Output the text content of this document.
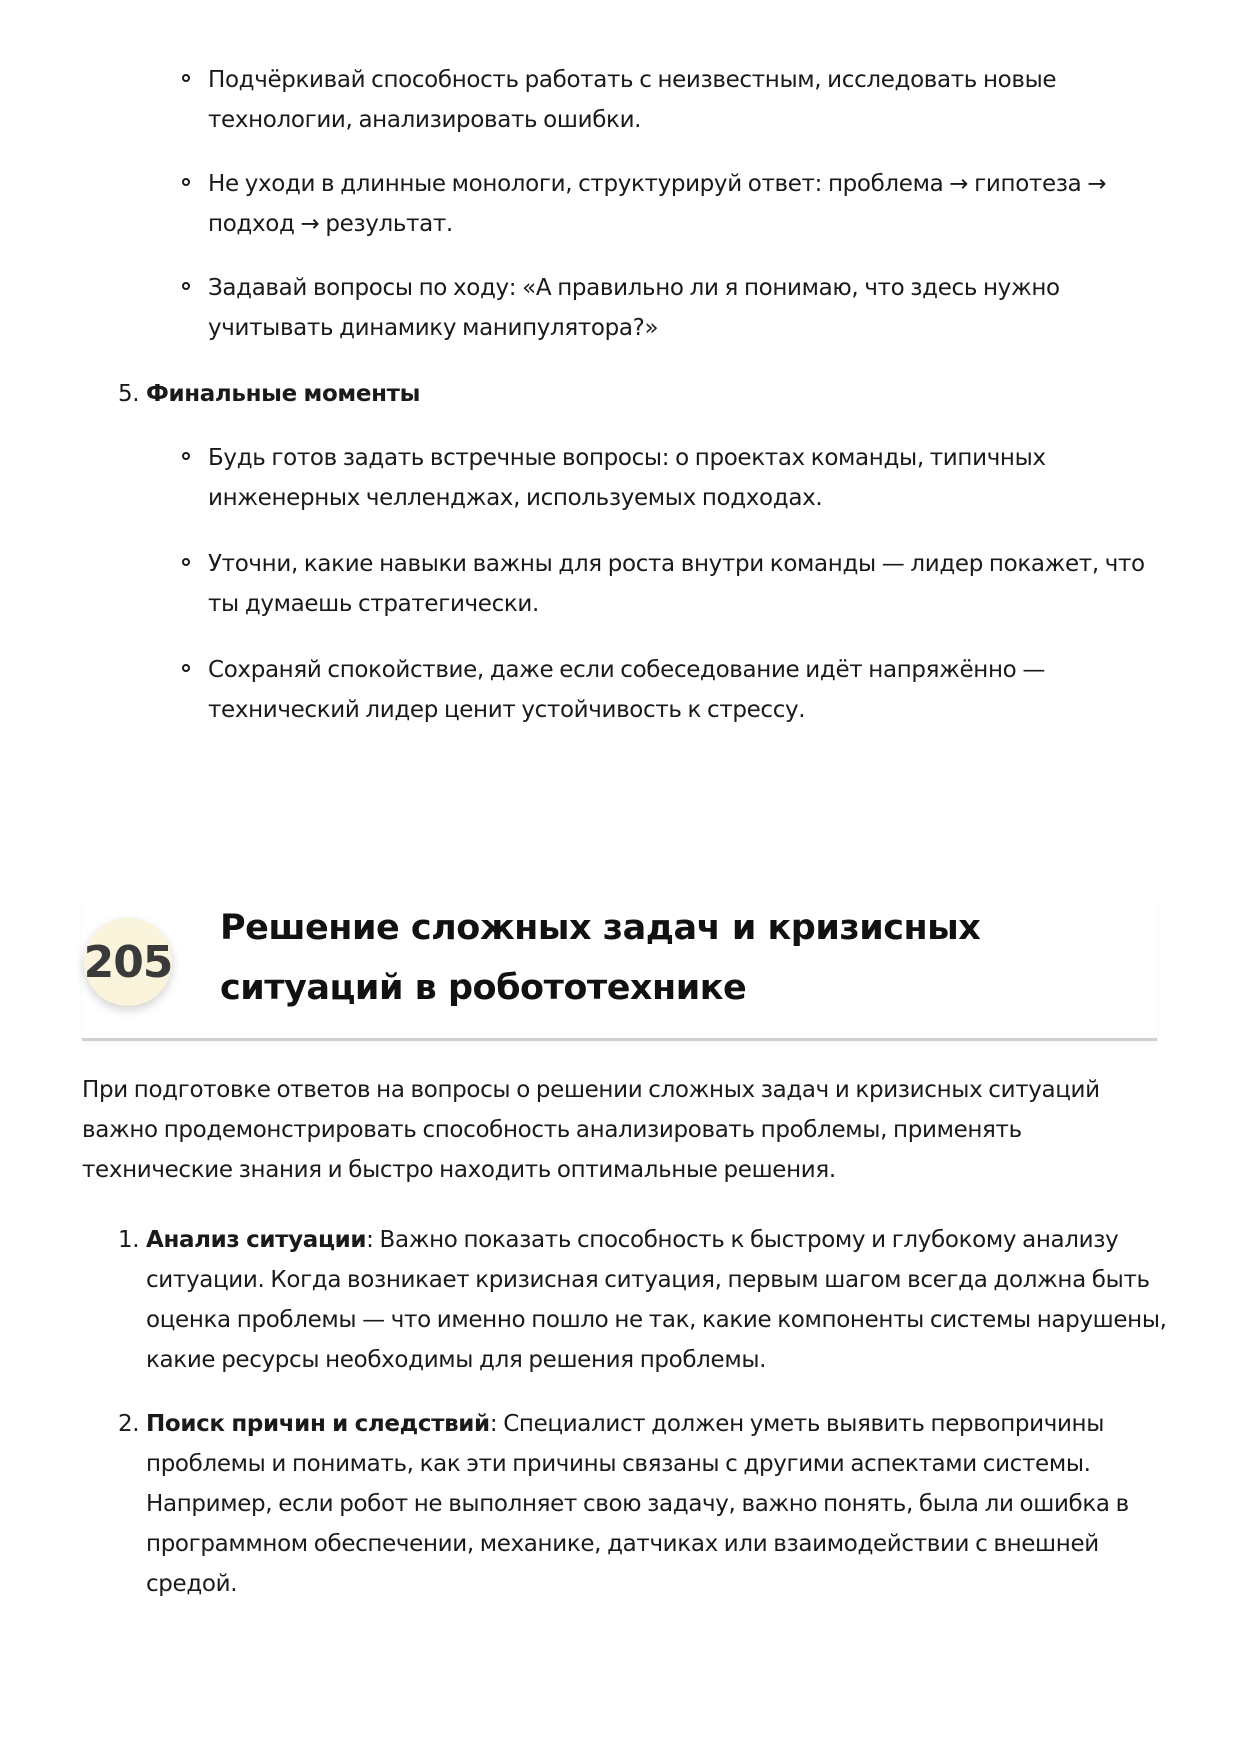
Подчёркивай способность работать с неизвестным, исследовать новые технологии, анализировать ошибки.
Не уходи в длинные монологи, структурируй ответ: проблема → гипотеза → подход → результат.
Задавай вопросы по ходу: «А правильно ли я понимаю, что здесь нужно учитывать динамику манипулятора?»
5. Финальные моменты
Будь готов задать встречные вопросы: о проектах команды, типичных инженерных челленджах, используемых подходах.
Уточни, какие навыки важны для роста внутри команды — лидер покажет, что ты думаешь стратегически.
Сохраняй спокойствие, даже если собеседование идёт напряжённо — технический лидер ценит устойчивость к стрессу.
205
Решение сложных задач и кризисных ситуаций в робототехнике

При подготовке ответов на вопросы о решении сложных задач и кризисных ситуаций важно продемонстрировать способность анализировать проблемы, применять технические знания и быстро находить оптимальные решения.

1. Анализ ситуации: Важно показать способность к быстрому и глубокому анализу ситуации. Когда возникает кризисная ситуация, первым шагом всегда должна быть оценка проблемы — что именно пошло не так, какие компоненты системы нарушены, какие ресурсы необходимы для решения проблемы.
2. Поиск причин и следствий: Специалист должен уметь выявить первопричины проблемы и понимать, как эти причины связаны с другими аспектами системы. Например, если робот не выполняет свою задачу, важно понять, была ли ошибка в программном обеспечении, механике, датчиках или взаимодействии с внешней средой.
